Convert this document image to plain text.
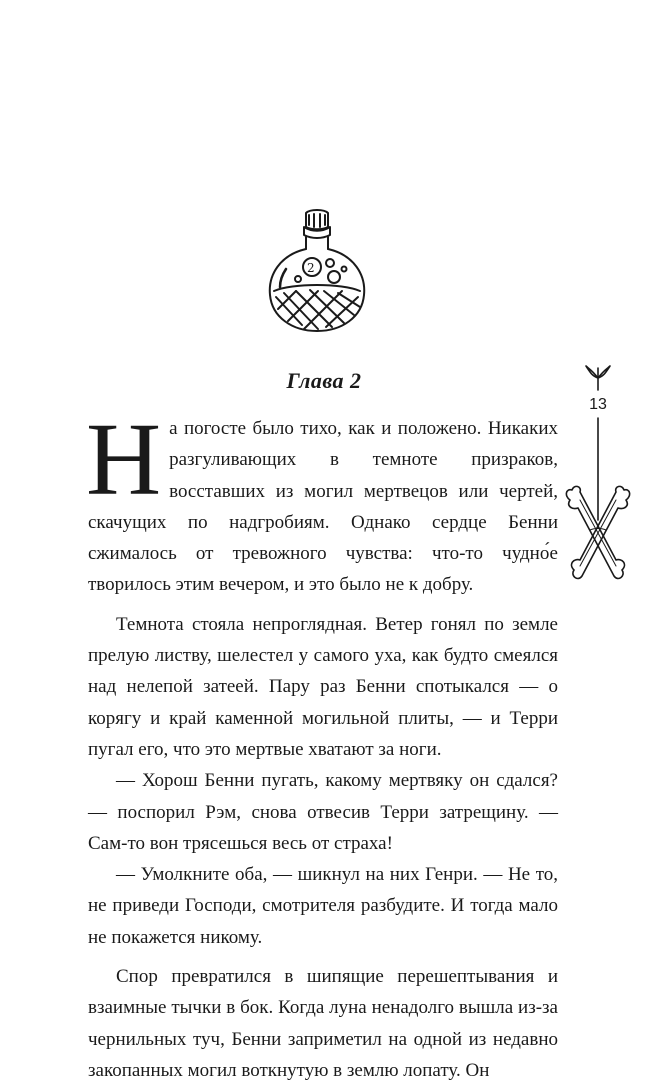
2
Глава 2
13

На погосте было тихо, как и положено. Никаких разгуливающих в темноте призраков, восставших из могил мертвецов или чертей, скачущих по надгробиям. Однако сердце Бенни сжималось от тревожного чувства: что-то чудно́е творилось этим вечером, и это было не к добру.

Темнота стояла непроглядная. Ветер гонял по земле прелую листву, шелестел у самого уха, как будто смеялся над нелепой затеей. Пару раз Бенни спотыкался — о корягу и край каменной могильной плиты, — и Терри пугал его, что это мертвые хватают за ноги.

— Хорош Бенни пугать, какому мертвяку он сдался? — поспорил Рэм, снова отвесив Терри затрещину. — Сам-то вон трясешься весь от страха!

— Умолкните оба, — шикнул на них Генри. — Не то, не приведи Господи, смотрителя разбудите. И тогда мало не покажется никому.

Спор превратился в шипящие перешептывания и взаимные тычки в бок. Когда луна ненадолго вышла из-за чернильных туч, Бенни заприметил на одной из недавно закопанных могил воткнутую в землю лопату. Он
